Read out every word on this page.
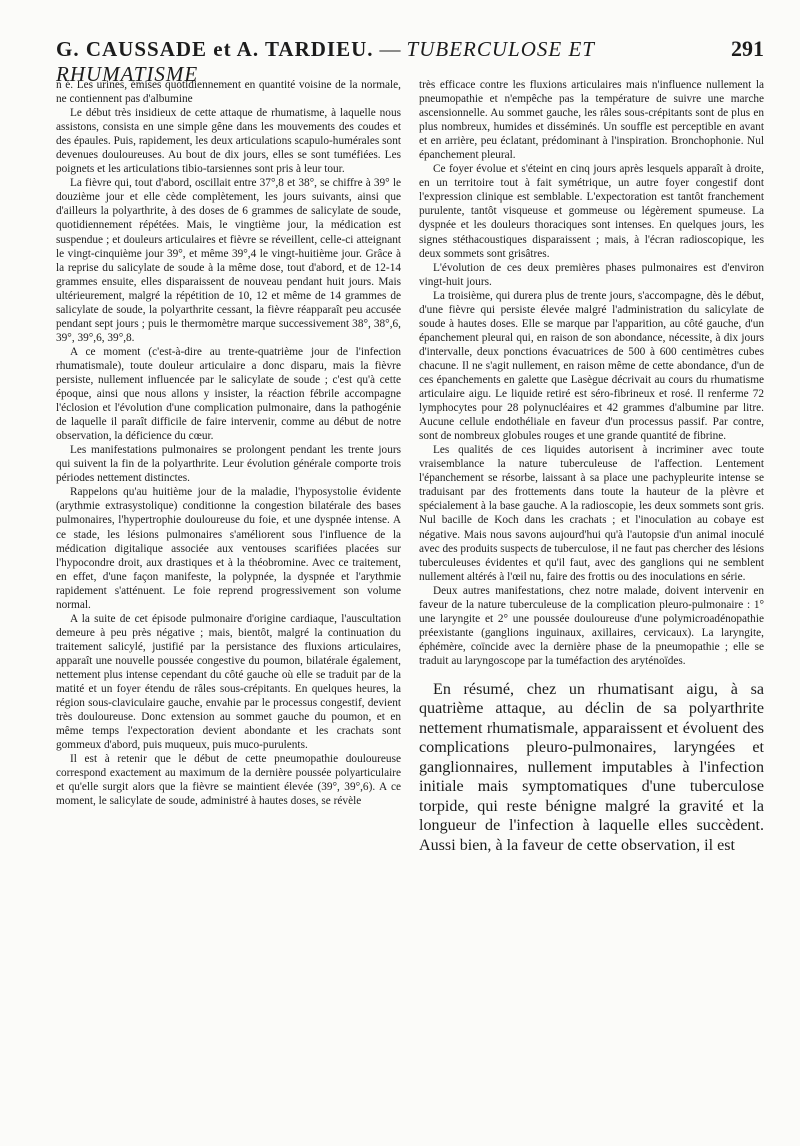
G. CAUSSADE et A. TARDIEU. — TUBERCULOSE ET RHUMATISME
291

n é. Les urines, émises quotidiennement en quantité voisine de la normale, ne contiennent pas d'albumine

Le début très insidieux de cette attaque de rhumatisme, à laquelle nous assistons, consista en une simple gêne dans les mouvements des coudes et des épaules. Puis, rapidement, les deux articulations scapulo-humérales sont devenues douloureuses. Au bout de dix jours, elles se sont tuméfiées. Les poignets et les articulations tibio-tarsiennes sont pris à leur tour.

La fièvre qui, tout d'abord, oscillait entre 37°,8 et 38°, se chiffre à 39° le douzième jour et elle cède complètement, les jours suivants, ainsi que d'ailleurs la polyarthrite, à des doses de 6 grammes de salicylate de soude, quotidiennement répétées. Mais, le vingtième jour, la médication est suspendue ; et douleurs articulaires et fièvre se réveillent, celle-ci atteignant le vingt-cinquième jour 39°, et même 39°,4 le vingt-huitième jour. Grâce à la reprise du salicylate de soude à la même dose, tout d'abord, et de 12-14 grammes ensuite, elles disparaissent de nouveau pendant huit jours. Mais ultérieurement, malgré la répétition de 10, 12 et même de 14 grammes de salicylate de soude, la polyarthrite cessant, la fièvre réapparaît peu accusée pendant sept jours ; puis le thermomètre marque successivement 38°, 38°,6, 39°, 39°,6, 39°,8.

A ce moment (c'est-à-dire au trente-quatrième jour de l'infection rhumatismale), toute douleur articulaire a donc disparu, mais la fièvre persiste, nullement influencée par le salicylate de soude ; c'est qu'à cette époque, ainsi que nous allons y insister, la réaction fébrile accompagne l'éclosion et l'évolution d'une complication pulmonaire, dans la pathogénie de laquelle il paraît difficile de faire intervenir, comme au début de notre observation, la déficience du cœur.

Les manifestations pulmonaires se prolongent pendant les trente jours qui suivent la fin de la polyarthrite. Leur évolution générale comporte trois périodes nettement distinctes.

Rappelons qu'au huitième jour de la maladie, l'hyposystolie évidente (arythmie extrasystolique) conditionne la congestion bilatérale des bases pulmonaires, l'hypertrophie douloureuse du foie, et une dyspnée intense. A ce stade, les lésions pulmonaires s'améliorent sous l'influence de la médication digitalique associée aux ventouses scarifiées placées sur l'hypocondre droit, aux drastiques et à la théobromine. Avec ce traitement, en effet, d'une façon manifeste, la polypnée, la dyspnée et l'arythmie rapidement s'atténuent. Le foie reprend progressivement son volume normal.

A la suite de cet épisode pulmonaire d'origine cardiaque, l'auscultation demeure à peu près négative ; mais, bientôt, malgré la continuation du traitement salicylé, justifié par la persistance des fluxions articulaires, apparaît une nouvelle poussée congestive du poumon, bilatérale également, nettement plus intense cependant du côté gauche où elle se traduit par de la matité et un foyer étendu de râles sous-crépitants. En quelques heures, la région sous-claviculaire gauche, envahie par le processus congestif, devient très douloureuse. Donc extension au sommet gauche du poumon, et en même temps l'expectoration devient abondante et les crachats sont gommeux d'abord, puis muqueux, puis muco-purulents.

Il est à retenir que le début de cette pneumopathie douloureuse correspond exactement au maximum de la dernière poussée polyarticulaire et qu'elle surgit alors que la fièvre se maintient élevée (39°, 39°,6). A ce moment, le salicylate de soude, administré à hautes doses, se révèle

très efficace contre les fluxions articulaires mais n'influence nullement la pneumopathie et n'empêche pas la température de suivre une marche ascensionnelle. Au sommet gauche, les râles sous-crépitants sont de plus en plus nombreux, humides et disséminés. Un souffle est perceptible en avant et en arrière, peu éclatant, prédominant à l'inspiration. Bronchophonie. Nul épanchement pleural.

Ce foyer évolue et s'éteint en cinq jours après lesquels apparaît à droite, en un territoire tout à fait symétrique, un autre foyer congestif dont l'expression clinique est semblable. L'expectoration est tantôt franchement purulente, tantôt visqueuse et gommeuse ou légèrement spumeuse. La dyspnée et les douleurs thoraciques sont intenses. En quelques jours, les signes stéthacoustiques disparaissent ; mais, à l'écran radioscopique, les deux sommets sont grisâtres.

L'évolution de ces deux premières phases pulmonaires est d'environ vingt-huit jours.

La troisième, qui durera plus de trente jours, s'accompagne, dès le début, d'une fièvre qui persiste élevée malgré l'administration du salicylate de soude à hautes doses. Elle se marque par l'apparition, au côté gauche, d'un épanchement pleural qui, en raison de son abondance, nécessite, à dix jours d'intervalle, deux ponctions évacuatrices de 500 à 600 centimètres cubes chacune. Il ne s'agit nullement, en raison même de cette abondance, d'un de ces épanchements en galette que Lasègue décrivait au cours du rhumatisme articulaire aigu. Le liquide retiré est séro-fibrineux et rosé. Il renferme 72 lymphocytes pour 28 polynucléaires et 42 grammes d'albumine par litre. Aucune cellule endothéliale en faveur d'un processus passif. Par contre, sont de nombreux globules rouges et une grande quantité de fibrine.

Les qualités de ces liquides autorisent à incriminer avec toute vraisemblance la nature tuberculeuse de l'affection. Lentement l'épanchement se résorbe, laissant à sa place une pachypleurite intense se traduisant par des frottements dans toute la hauteur de la plèvre et spécialement à la base gauche. A la radioscopie, les deux sommets sont gris. Nul bacille de Koch dans les crachats ; et l'inoculation au cobaye est négative. Mais nous savons aujourd'hui qu'à l'autopsie d'un animal inoculé avec des produits suspects de tuberculose, il ne faut pas chercher des lésions tuberculeuses évidentes et qu'il faut, avec des ganglions qui ne semblent nullement altérés à l'œil nu, faire des frottis ou des inoculations en série.

Deux autres manifestations, chez notre malade, doivent intervenir en faveur de la nature tuberculeuse de la complication pleuro-pulmonaire : 1° une laryngite et 2° une poussée douloureuse d'une polymicroadénopathie préexistante (ganglions inguinaux, axillaires, cervicaux). La laryngite, éphémère, coïncide avec la dernière phase de la pneumopathie ; elle se traduit au laryngoscope par la tuméfaction des aryténoïdes.

En résumé, chez un rhumatisant aigu, à sa quatrième attaque, au déclin de sa polyarthrite nettement rhumatismale, apparaissent et évoluent des complications pleuro-pulmonaires, laryngées et ganglionnaires, nullement imputables à l'infection initiale mais symptomatiques d'une tuberculose torpide, qui reste bénigne malgré la gravité et la longueur de l'infection à laquelle elles succèdent. Aussi bien, à la faveur de cette observation, il est
